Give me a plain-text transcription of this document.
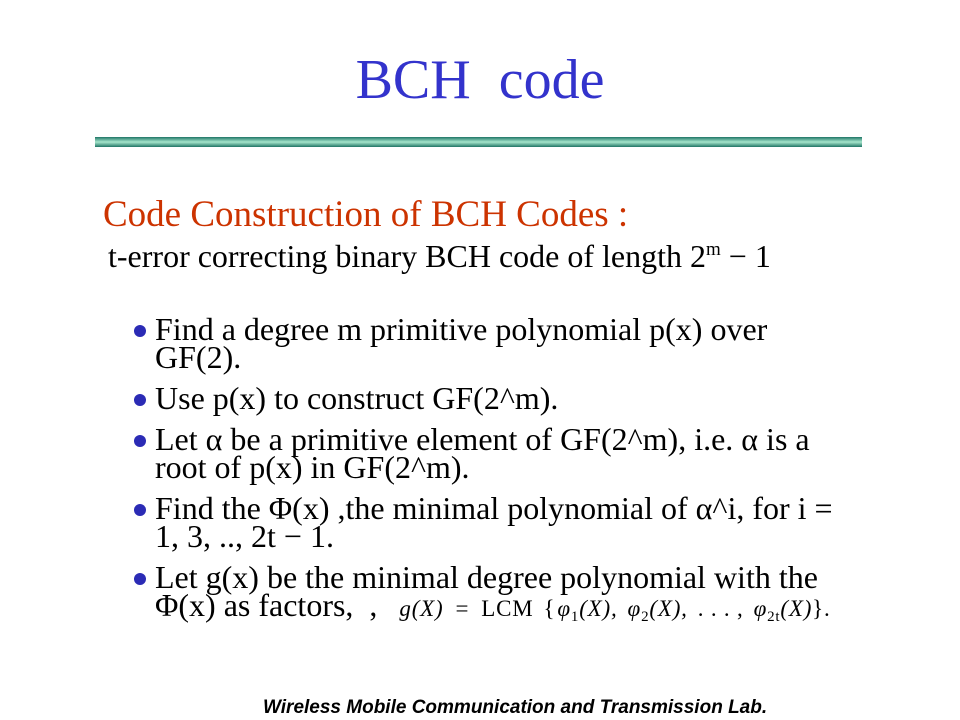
BCH  code
Code Construction of BCH Codes :
t-error correcting binary BCH code of length $2^m - 1$
Find a degree m primitive polynomial p(x) over
GF(2).
Use p(x) to construct GF(2^m).
Let α be a primitive element of GF(2^m), i.e. α is a
root of p(x) in GF(2^m).
Find the Φ(x) ,the minimal polynomial of α^i, for i =
1, 3, .., 2t − 1.
Let g(x) be the minimal degree polynomial with the
Φ(x) as factors,  , g(X) = LCM {$\varphi_1(X)$, $\varphi_2(X)$, . . . , $\varphi_{2t}(X)$}.
Wireless Mobile Communication and Transmission Lab.
